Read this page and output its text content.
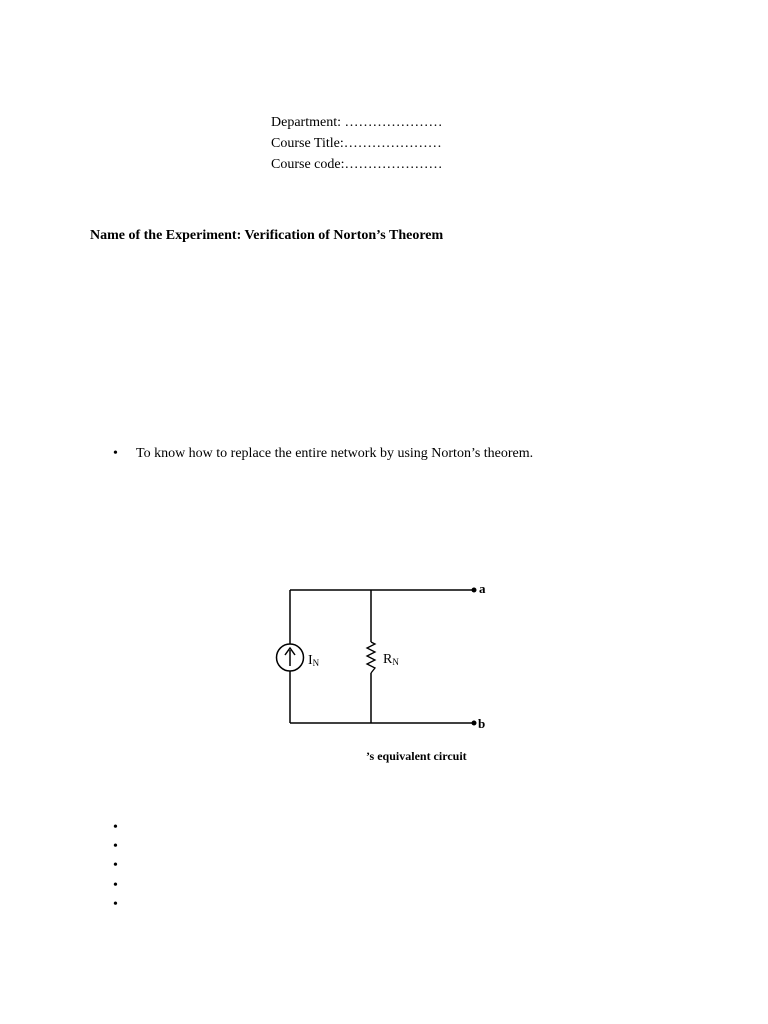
Department: …………………
Course Title:…………………
Course code:…………………
Name of the Experiment: Verification of Norton’s Theorem
• To know how to replace the entire network by using Norton’s theorem.
IN	RN
a
b
’s equivalent circuit
•
•
•
•
•
